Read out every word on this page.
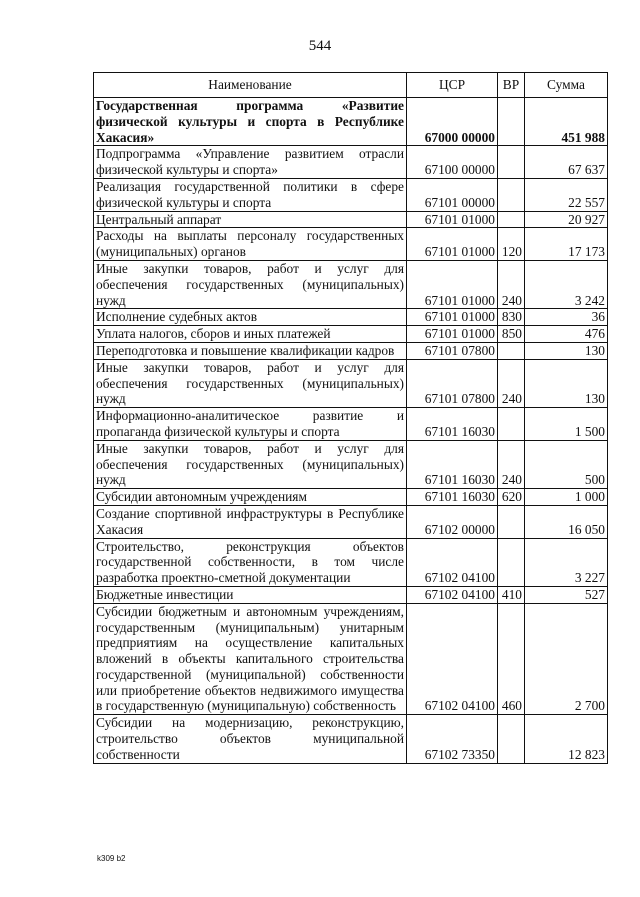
544
Наименование	ЦСР	ВР	Сумма
Государственная программа «Развитие физической культуры и спорта в Республике Хакасия»	67000 00000		451 988
Подпрограмма «Управление развитием отрасли физической культуры и спорта»	67100 00000		67 637
Реализация государственной политики в сфере физической культуры и спорта	67101 00000		22 557
Центральный аппарат	67101 01000		20 927
Расходы на выплаты персоналу государственных (муниципальных) органов	67101 01000	120	17 173
Иные закупки товаров, работ и услуг для обеспечения государственных (муниципальных) нужд	67101 01000	240	3 242
Исполнение судебных актов	67101 01000	830	36
Уплата налогов, сборов и иных платежей	67101 01000	850	476
Переподготовка и повышение квалификации кадров	67101 07800		130
Иные закупки товаров, работ и услуг для обеспечения государственных (муниципальных) нужд	67101 07800	240	130
Информационно-аналитическое развитие и пропаганда физической культуры и спорта	67101 16030		1 500
Иные закупки товаров, работ и услуг для обеспечения государственных (муниципальных) нужд	67101 16030	240	500
Субсидии автономным учреждениям	67101 16030	620	1 000
Создание спортивной инфраструктуры в Республике Хакасия	67102 00000		16 050
Строительство, реконструкция объектов государственной собственности, в том числе разработка проектно-сметной документации	67102 04100		3 227
Бюджетные инвестиции	67102 04100	410	527
Субсидии бюджетным и автономным учреждениям, государственным (муниципальным) унитарным предприятиям на осуществление капитальных вложений в объекты капитального строительства государственной (муниципальной) собственности или приобретение объектов недвижимого имущества в государственную (муниципальную) собственность	67102 04100	460	2 700
Субсидии на модернизацию, реконструкцию, строительство объектов муниципальной собственности	67102 73350		12 823
k309 b2
